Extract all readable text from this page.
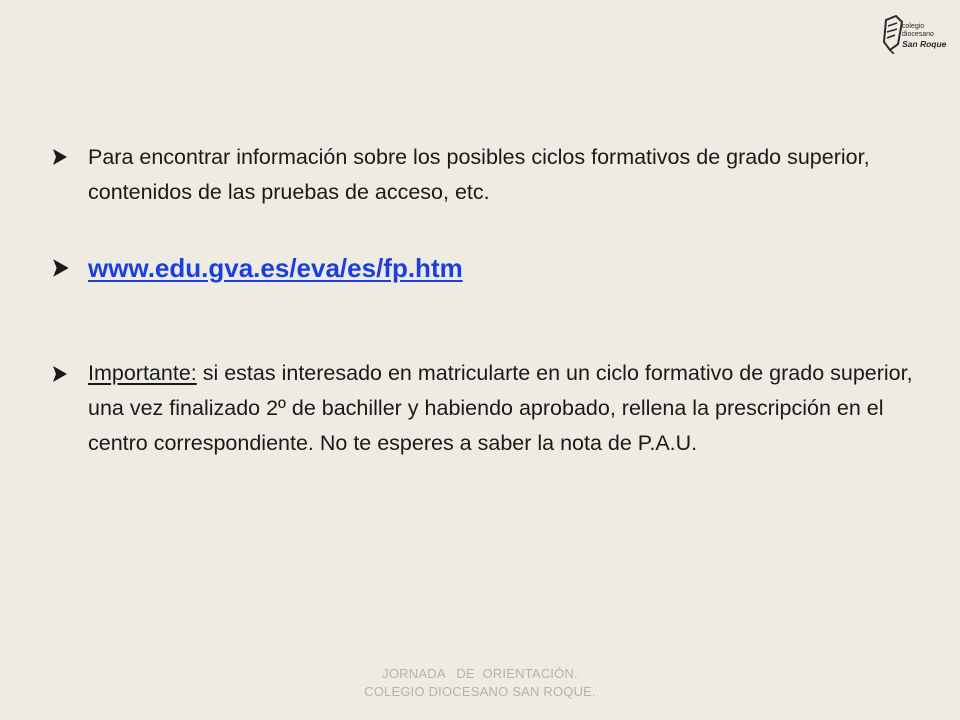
colegio
diocesano
San Roque
Para encontrar información sobre los posibles ciclos formativos de grado superior, contenidos de las pruebas de acceso, etc.
www.edu.gva.es/eva/es/fp.htm
Importante: si estas interesado en matricularte en un ciclo formativo de grado superior, una vez finalizado 2º de bachiller y habiendo aprobado, rellena la prescripción en el centro correspondiente. No te esperes a saber la nota de P.A.U.
JORNADA   DE  ORIENTACIÓN.
COLEGIO DIOCESANO SAN ROQUE.
